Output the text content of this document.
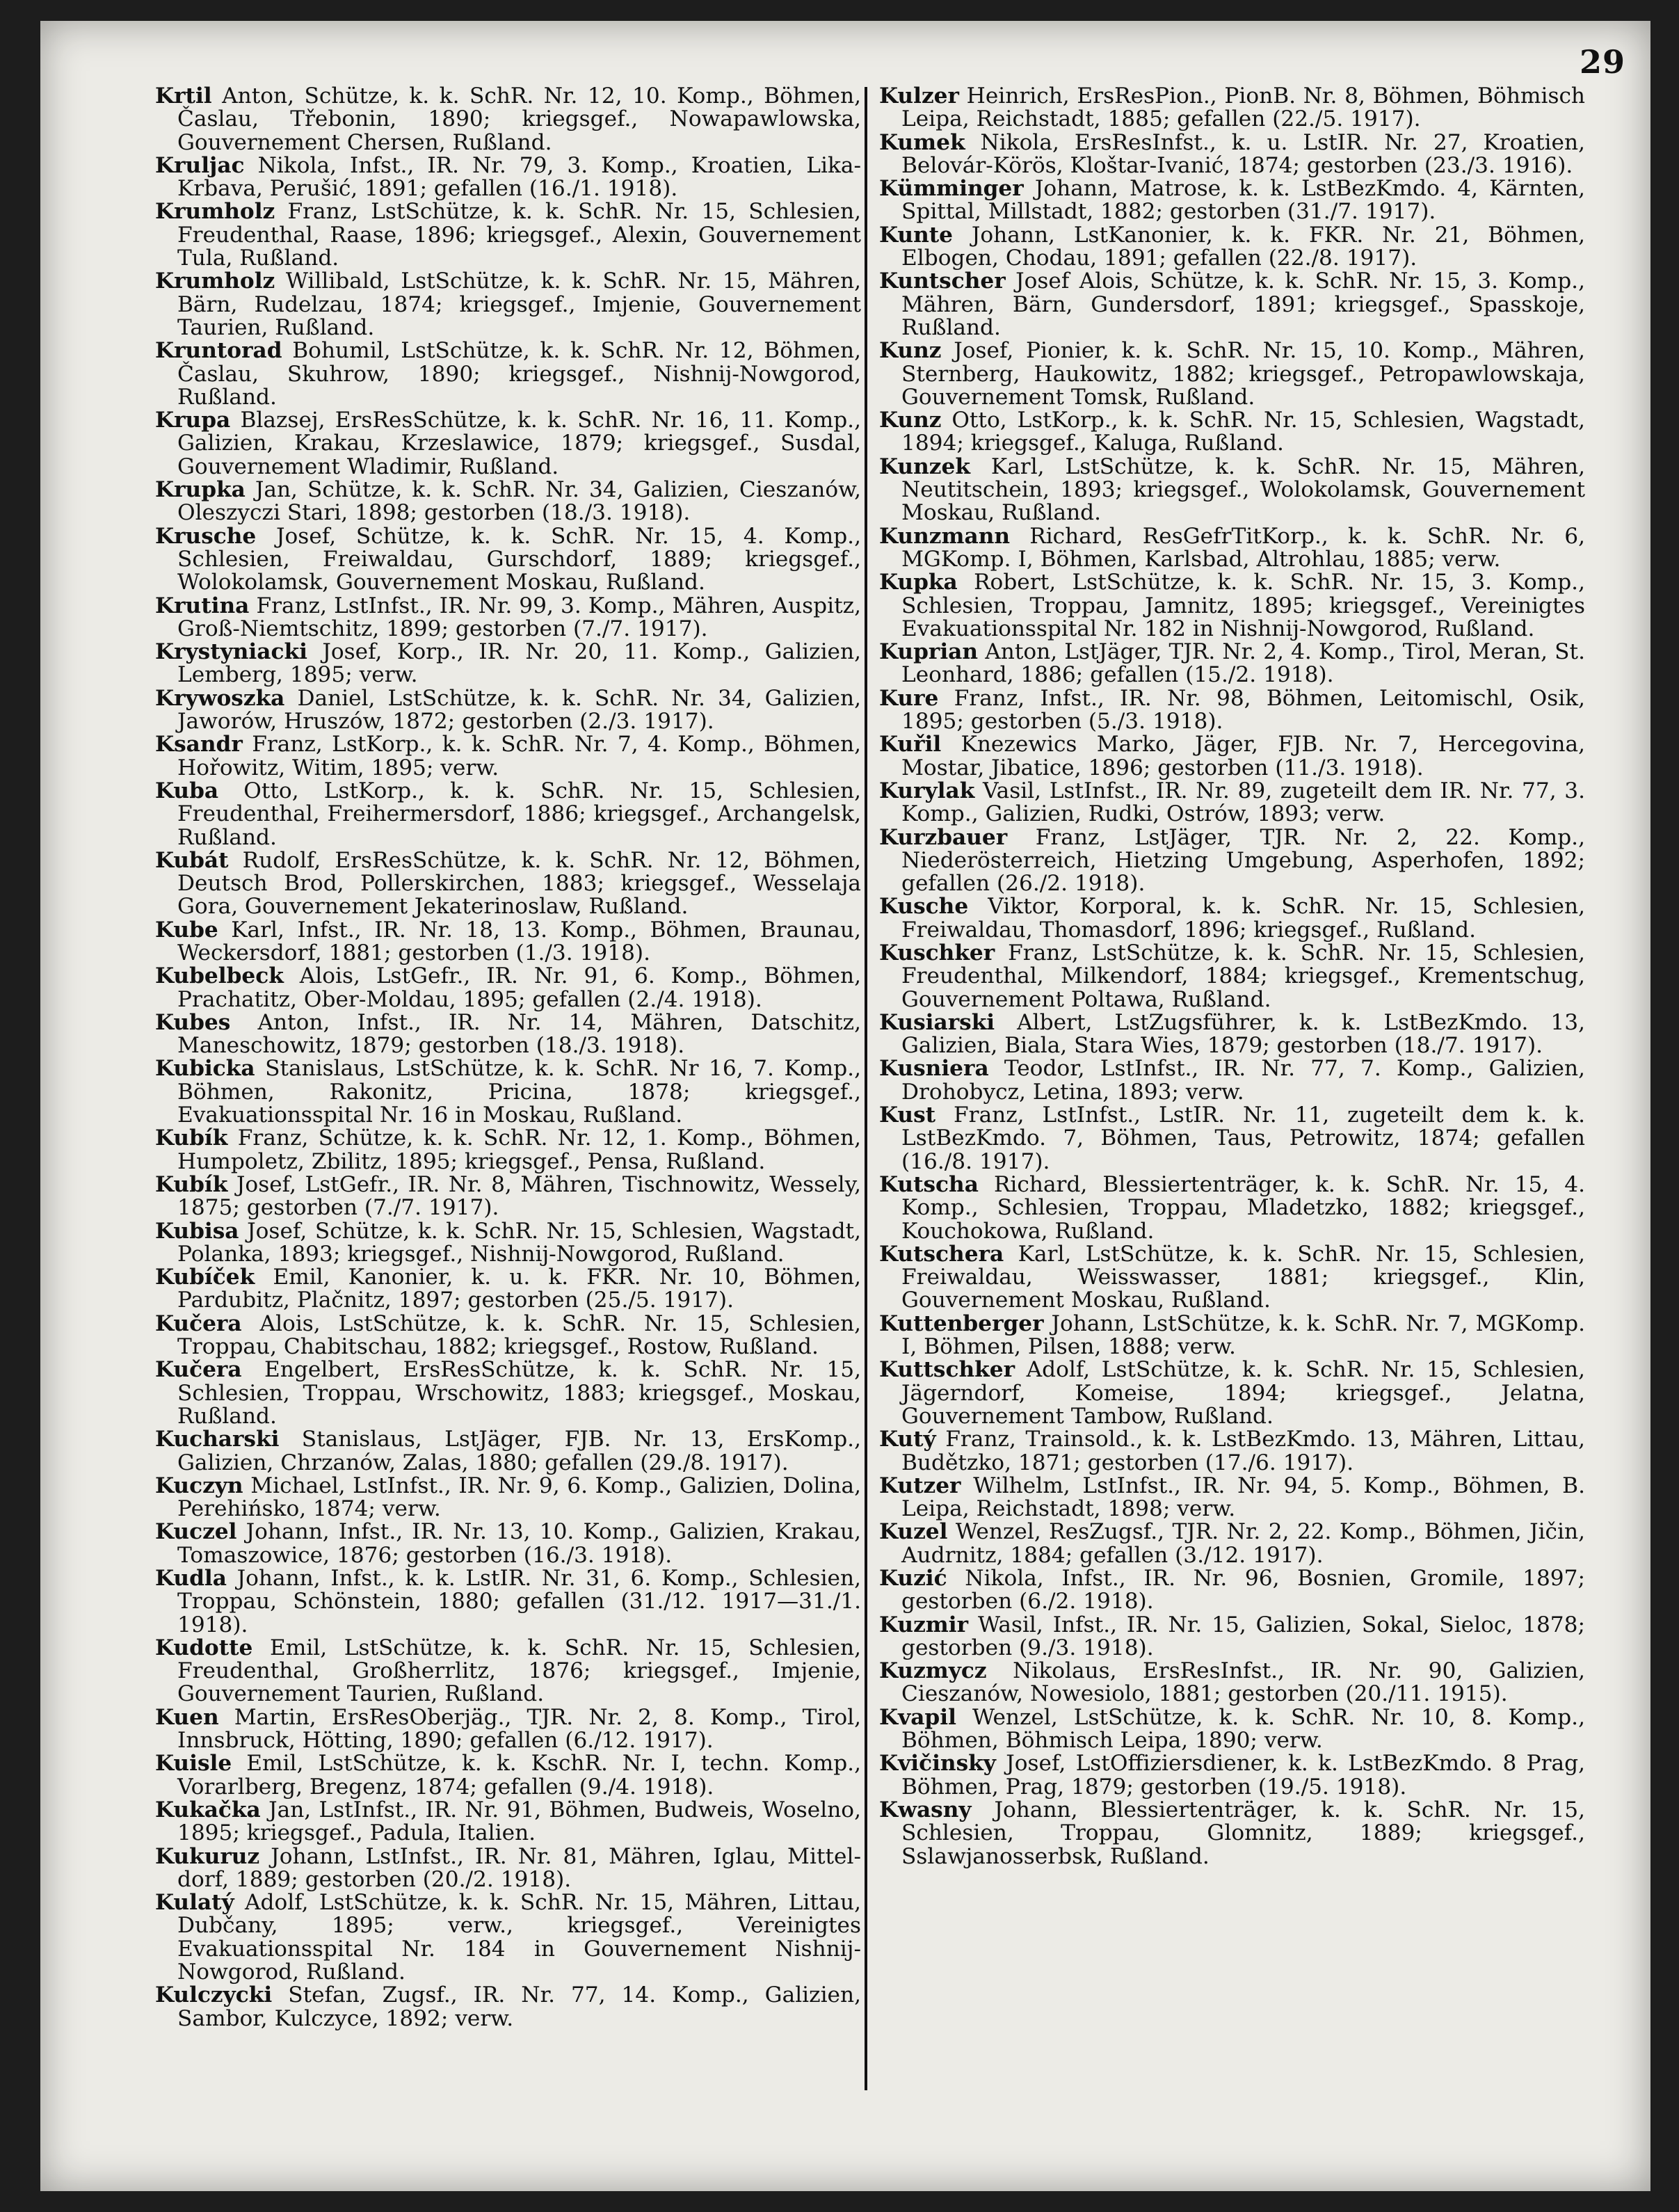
29

Krtil Anton, Schütze, k. k. SchR. Nr. 12, 10. Komp., Böhmen, Časlau, Třebonin, 1890; kriegsgef., Nowapawlowska, Gouvernement Chersen, Rußland.

Kruljac Nikola, Infst., IR. Nr. 79, 3. Komp., Kroatien, Lika-Krbava, Perušić, 1891; gefallen (16./1. 1918).

Krumholz Franz, LstSchütze, k. k. SchR. Nr. 15, Schlesien, Freudenthal, Raase, 1896; kriegsgef., Alexin, Gouvernement Tula, Rußland.

Krumholz Willibald, LstSchütze, k. k. SchR. Nr. 15, Mähren, Bärn, Rudelzau, 1874; kriegsgef., Imjenie, Gouvernement Taurien, Rußland.

Kruntorad Bohumil, LstSchütze, k. k. SchR. Nr. 12, Böhmen, Časlau, Skuhrow, 1890; kriegsgef., Nishnij-Nowgorod, Rußland.

Krupa Blazsej, ErsResSchütze, k. k. SchR. Nr. 16, 11. Komp., Galizien, Krakau, Krzeslawice, 1879; kriegsgef., Susdal, Gouvernement Wladimir, Rußland.

Krupka Jan, Schütze, k. k. SchR. Nr. 34, Galizien, Cieszanów, Oleszyczi Stari, 1898; gestorben (18./3. 1918).

Krusche Josef, Schütze, k. k. SchR. Nr. 15, 4. Komp., Schlesien, Freiwaldau, Gurschdorf, 1889; kriegsgef., Wolokolamsk, Gouvernement Moskau, Rußland.

Krutina Franz, LstInfst., IR. Nr. 99, 3. Komp., Mähren, Auspitz, Groß-Niemtschitz, 1899; gestorben (7./7. 1917).

Krystyniacki Josef, Korp., IR. Nr. 20, 11. Komp., Galizien, Lemberg, 1895; verw.

Krywoszka Daniel, LstSchütze, k. k. SchR. Nr. 34, Galizien, Jaworów, Hruszów, 1872; gestorben (2./3. 1917).

Ksandr Franz, LstKorp., k. k. SchR. Nr. 7, 4. Komp., Böhmen, Hořowitz, Witim, 1895; verw.

Kuba Otto, LstKorp., k. k. SchR. Nr. 15, Schlesien, Freudenthal, Freihermersdorf, 1886; kriegsgef., Archangelsk, Rußland.

Kubát Rudolf, ErsResSchütze, k. k. SchR. Nr. 12, Böhmen, Deutsch Brod, Pollerskirchen, 1883; kriegsgef., Wesselaja Gora, Gouvernement Jekaterinoslaw, Rußland.

Kube Karl, Infst., IR. Nr. 18, 13. Komp., Böhmen, Braunau, Weckersdorf, 1881; gestorben (1./3. 1918).

Kubelbeck Alois, LstGefr., IR. Nr. 91, 6. Komp., Böhmen, Prachatitz, Ober-Moldau, 1895; gefallen (2./4. 1918).

Kubes Anton, Infst., IR. Nr. 14, Mähren, Datschitz, Maneschowitz, 1879; gestorben (18./3. 1918).

Kubicka Stanislaus, LstSchütze, k. k. SchR. Nr 16, 7. Komp., Böhmen, Rakonitz, Pricina, 1878; kriegsgef., Evakuationsspital Nr. 16 in Moskau, Rußland.

Kubík Franz, Schütze, k. k. SchR. Nr. 12, 1. Komp., Böhmen, Humpoletz, Zbilitz, 1895; kriegsgef., Pensa, Rußland.

Kubík Josef, LstGefr., IR. Nr. 8, Mähren, Tischnowitz, Wessely, 1875; gestorben (7./7. 1917).

Kubisa Josef, Schütze, k. k. SchR. Nr. 15, Schlesien, Wagstadt, Polanka, 1893; kriegsgef., Nishnij-Nowgorod, Rußland.

Kubíček Emil, Kanonier, k. u. k. FKR. Nr. 10, Böhmen, Pardubitz, Plačnitz, 1897; gestorben (25./5. 1917).

Kučera Alois, LstSchütze, k. k. SchR. Nr. 15, Schlesien, Troppau, Chabitschau, 1882; kriegsgef., Rostow, Rußland.

Kučera Engelbert, ErsResSchütze, k. k. SchR. Nr. 15, Schlesien, Troppau, Wrschowitz, 1883; kriegsgef., Moskau, Rußland.

Kucharski Stanislaus, LstJäger, FJB. Nr. 13, ErsKomp., Galizien, Chrzanów, Zalas, 1880; gefallen (29./8. 1917).

Kuczyn Michael, LstInfst., IR. Nr. 9, 6. Komp., Galizien, Dolina, Perehińsko, 1874; verw.

Kuczel Johann, Infst., IR. Nr. 13, 10. Komp., Galizien, Krakau, Tomaszowice, 1876; gestorben (16./3. 1918).

Kudla Johann, Infst., k. k. LstIR. Nr. 31, 6. Komp., Schlesien, Troppau, Schönstein, 1880; gefallen (31./12. 1917—31./1. 1918).

Kudotte Emil, LstSchütze, k. k. SchR. Nr. 15, Schlesien, Freudenthal, Großherrlitz, 1876; kriegsgef., Imjenie, Gouvernement Taurien, Rußland.

Kuen Martin, ErsResOberjäg., TJR. Nr. 2, 8. Komp., Tirol, Innsbruck, Hötting, 1890; gefallen (6./12. 1917).

Kuisle Emil, LstSchütze, k. k. KschR. Nr. I, techn. Komp., Vorarlberg, Bregenz, 1874; gefallen (9./4. 1918).

Kukačka Jan, LstInfst., IR. Nr. 91, Böhmen, Budweis, Woselno, 1895; kriegsgef., Padula, Italien.

Kukuruz Johann, LstInfst., IR. Nr. 81, Mähren, Iglau, Mittel-dorf, 1889; gestorben (20./2. 1918).

Kulatý Adolf, LstSchütze, k. k. SchR. Nr. 15, Mähren, Littau, Dubčany, 1895; verw., kriegsgef., Vereinigtes Evakuationsspital Nr. 184 in Gouvernement Nishnij-Nowgorod, Rußland.

Kulczycki Stefan, Zugsf., IR. Nr. 77, 14. Komp., Galizien, Sambor, Kulczyce, 1892; verw.

Kulzer Heinrich, ErsResPion., PionB. Nr. 8, Böhmen, Böhmisch Leipa, Reichstadt, 1885; gefallen (22./5. 1917).

Kumek Nikola, ErsResInfst., k. u. LstIR. Nr. 27, Kroatien, Belovár-Körös, Kloštar-Ivanić, 1874; gestorben (23./3. 1916).

Kümminger Johann, Matrose, k. k. LstBezKmdo. 4, Kärnten, Spittal, Millstadt, 1882; gestorben (31./7. 1917).

Kunte Johann, LstKanonier, k. k. FKR. Nr. 21, Böhmen, Elbogen, Chodau, 1891; gefallen (22./8. 1917).

Kuntscher Josef Alois, Schütze, k. k. SchR. Nr. 15, 3. Komp., Mähren, Bärn, Gundersdorf, 1891; kriegsgef., Spasskoje, Rußland.

Kunz Josef, Pionier, k. k. SchR. Nr. 15, 10. Komp., Mähren, Sternberg, Haukowitz, 1882; kriegsgef., Petropawlowskaja, Gouvernement Tomsk, Rußland.

Kunz Otto, LstKorp., k. k. SchR. Nr. 15, Schlesien, Wagstadt, 1894; kriegsgef., Kaluga, Rußland.

Kunzek Karl, LstSchütze, k. k. SchR. Nr. 15, Mähren, Neutitschein, 1893; kriegsgef., Wolokolamsk, Gouvernement Moskau, Rußland.

Kunzmann Richard, ResGefrTitKorp., k. k. SchR. Nr. 6, MGKomp. I, Böhmen, Karlsbad, Altrohlau, 1885; verw.

Kupka Robert, LstSchütze, k. k. SchR. Nr. 15, 3. Komp., Schlesien, Troppau, Jamnitz, 1895; kriegsgef., Vereinigtes Evakuationsspital Nr. 182 in Nishnij-Nowgorod, Rußland.

Kuprian Anton, LstJäger, TJR. Nr. 2, 4. Komp., Tirol, Meran, St. Leonhard, 1886; gefallen (15./2. 1918).

Kure Franz, Infst., IR. Nr. 98, Böhmen, Leitomischl, Osik, 1895; gestorben (5./3. 1918).

Kuřil Knezewics Marko, Jäger, FJB. Nr. 7, Hercegovina, Mostar, Jibatice, 1896; gestorben (11./3. 1918).

Kurylak Vasil, LstInfst., IR. Nr. 89, zugeteilt dem IR. Nr. 77, 3. Komp., Galizien, Rudki, Ostrów, 1893; verw.

Kurzbauer Franz, LstJäger, TJR. Nr. 2, 22. Komp., Niederösterreich, Hietzing Umgebung, Asperhofen, 1892; gefallen (26./2. 1918).

Kusche Viktor, Korporal, k. k. SchR. Nr. 15, Schlesien, Freiwaldau, Thomasdorf, 1896; kriegsgef., Rußland.

Kuschker Franz, LstSchütze, k. k. SchR. Nr. 15, Schlesien, Freudenthal, Milkendorf, 1884; kriegsgef., Krementschug, Gouvernement Poltawa, Rußland.

Kusiarski Albert, LstZugsführer, k. k. LstBezKmdo. 13, Galizien, Biala, Stara Wies, 1879; gestorben (18./7. 1917).

Kusniera Teodor, LstInfst., IR. Nr. 77, 7. Komp., Galizien, Drohobycz, Letina, 1893; verw.

Kust Franz, LstInfst., LstIR. Nr. 11, zugeteilt dem k. k. LstBezKmdo. 7, Böhmen, Taus, Petrowitz, 1874; gefallen (16./8. 1917).

Kutscha Richard, Blessiertenträger, k. k. SchR. Nr. 15, 4. Komp., Schlesien, Troppau, Mladetzko, 1882; kriegsgef., Kouchokowa, Rußland.

Kutschera Karl, LstSchütze, k. k. SchR. Nr. 15, Schlesien, Freiwaldau, Weisswasser, 1881; kriegsgef., Klin, Gouvernement Moskau, Rußland.

Kuttenberger Johann, LstSchütze, k. k. SchR. Nr. 7, MGKomp. I, Böhmen, Pilsen, 1888; verw.

Kuttschker Adolf, LstSchütze, k. k. SchR. Nr. 15, Schlesien, Jägerndorf, Komeise, 1894; kriegsgef., Jelatna, Gouvernement Tambow, Rußland.

Kutý Franz, Trainsold., k. k. LstBezKmdo. 13, Mähren, Littau, Budětzko, 1871; gestorben (17./6. 1917).

Kutzer Wilhelm, LstInfst., IR. Nr. 94, 5. Komp., Böhmen, B. Leipa, Reichstadt, 1898; verw.

Kuzel Wenzel, ResZugsf., TJR. Nr. 2, 22. Komp., Böhmen, Jičin, Audrnitz, 1884; gefallen (3./12. 1917).

Kuzić Nikola, Infst., IR. Nr. 96, Bosnien, Gromile, 1897; gestorben (6./2. 1918).

Kuzmir Wasil, Infst., IR. Nr. 15, Galizien, Sokal, Sieloc, 1878; gestorben (9./3. 1918).

Kuzmycz Nikolaus, ErsResInfst., IR. Nr. 90, Galizien, Cieszanów, Nowesiolo, 1881; gestorben (20./11. 1915).

Kvapil Wenzel, LstSchütze, k. k. SchR. Nr. 10, 8. Komp., Böhmen, Böhmisch Leipa, 1890; verw.

Kvičinsky Josef, LstOffiziersdiener, k. k. LstBezKmdo. 8 Prag, Böhmen, Prag, 1879; gestorben (19./5. 1918).

Kwasny Johann, Blessiertenträger, k. k. SchR. Nr. 15, Schlesien, Troppau, Glomnitz, 1889; kriegsgef., Sslawjanosserbsk, Rußland.
